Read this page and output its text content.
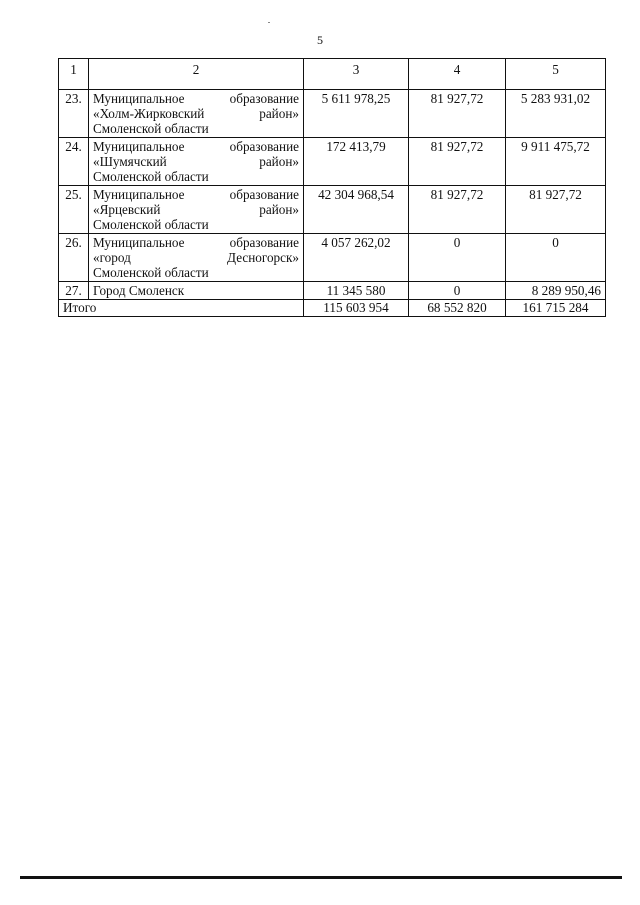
5
1	2	3	4	5
23.	Муниципальное образование
«Холм-Жирковский район»
Смоленской области	5 611 978,25	81 927,72	5 283 931,02
24.	Муниципальное образование
«Шумячский район»
Смоленской области	172 413,79	81 927,72	9 911 475,72
25.	Муниципальное образование
«Ярцевский район»
Смоленской области	42 304 968,54	81 927,72	81 927,72
26.	Муниципальное образование
«город Десногорск»
Смоленской области	4 057 262,02	0	0
27.	Город Смоленск	11 345 580	0	8 289 950,46
Итого		115 603 954	68 552 820	161 715 284
